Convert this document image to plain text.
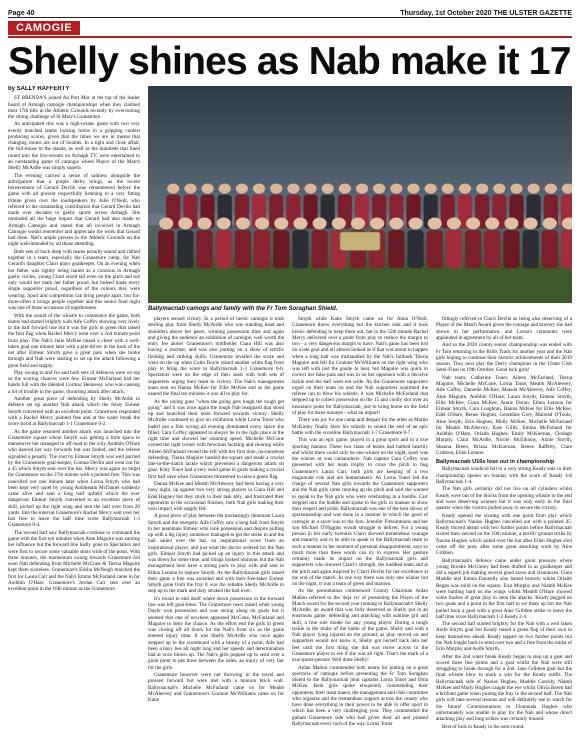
Page 40	Thursday, 1st October 2020 THE ULSTER GAZETTE
CAMOGIE
Shelly shines as Nab make it 17
by SALLY RAFFERTY

ST BRENDA'S joined An Port Mor at the top of the leader board of Armagh camogie championships when they claimed their 17th title in the Athletic Grounds recently by overcoming the strong challenge of St Mary's Granemore.

As anticipated this was a high-octane game with two very evenly matched teams locking horns in a gripping contest producing scores, given that the times we are in means that changing rooms are out of bounds. In a tight and close affair, the full-house in the stands, as well as the hundreds that lined round into the live-stream on Armagh TV, were entertained to an outstanding game of camogie where Player of the Match Shelly McArdle was simply superb.

The evening carried a sense of sadness alongside the anticipation that a purple derby brings, as the recent bereavement of Gerard Devlin was remembered before the game with all present respectfully listening to a very fitting tribute given over the loudspeakers by Julie O'Neill, who referred to the outstanding contribution that Gerard Devlin had made over decades to gaelic sports across Armagh. She reminded all the huge impact that Gerard had also made to Armagh Camogie and stated that all involved in Armagh Camogie would remember and appreciate the work that Gerard had done. Nab's ample presses in the Athletic Grounds on the night well-intended by all those attending.

Both sets of back deep with teams proudly sound and rallied together in a team, especially the Granemore camp, for Nab Gerard's daughter Clarri plays goalkeeper. On an evening when her father was rightly being hailed as a colossus in Armagh gaelic circles, young Clarri stood tall even on the pitch and not only would her mark her father proud, but indeed made every single supporter proud, regardless of the colours they were wearing. Sport and competition can bring people apart, but for-more-often it brings people together and this senior final night was one of those occasions of togetherness.

With the sound of the whistle to commence the game, both teams had started brightly with Aife Coffey showing very lively in the half forward line but it was the girls in green that raised the first flag when Rachel Mercy went over a 2nd minute point from play. The Nab's Julie McKee raised a cheer with a well-taken goal one minute later with a pile-driver in the back of the net after Eimear Smyth gave a great pass when she broke through and Nab were starting to set up the attack following a great field and supply.

Play swung to and fro and both sets of defences were on top so the scoring chances were few. Eimear McFarland had her hands full with the talented Cormac Hennessy who was causing a lot of trouble in the game, thwarting attack after attack.

Another great piece of defending by Shelly McArdle in defence set up another Nab attack which the feisty Eimear Smyth converted with an excellent point. Granemore responded with a Rachel Mercy pointed free and at the water break the score stood at Ballymacnab 1-1 Granemore 0-2.

As the game resumed another attack was launched into the Granemore square where Smyth was getting a little space to manoeuvre her managed to off-load to the wily Aoibhin O'Hare who danced her way forwards but was fouled, and the referee signalled a penalty. The shot by Eimear Smyth was well parried by the Granemore goal-keeper, Comua Devlin and went out for a 45 which Smyth sent over the bar. Mercy was again on target for Granemore on the 27th minute with a pointed free. This was cancelled out one minute later when Lorna Smyth who had been kept very quiet by young Aoibheann McDaniel suddenly came alive and sent a long ball upfield which the ever dangerous Eimear Smyth converted to an excellent piece of skill, picked up the right wing and sent the ball over from 20 yards. Into the interval Granemore's Rachel Mercy sent over her last free to leave the half time score Ballymacnab 1-3 Granemore 0-4.

The second half saw Ballymacnab continue to command the game with the first ten minutes when Aine Maguire was earning her influence but the forward line badly gone to Spectators and were first to secure some valuable shots wide of the posts. With three minutes, the momentum swung towards Granemore but soon Nab defending from Michelle McCone & Tierna Maguire kept them scoreless. Granemore's Elisha McNeigh marched the first for Laura Carr and the Nab's Emma McFarland came in for Aoibhin O'Hare. Granemore's Jordan Carr sent over an excellent point in the 16th minute as the Granemore

Ballymacnab camogs and family with the Fr Tom Soraghan Shield.

players sensed victory. In a period of hectic camogie it took sterling play from Shelly McArdle who was standing head and shoulders above her peers, winning possession time and again and giving the audience an exhibition of camogie, well worth the entry fee alone! Granemore's midfielder Ciara Hill was also having a stormer, and was also putting on a show of terrific fielding and striking skills. Granemore levelled the score and went on the up when Colm Doyle raised another white flag from play to bring the score to Ballymacnab 1-3 Granemore 0-6. Spectators were on the edge of their seats with both sets of supporters urging their team to victory. The Nab's management team sent on Hanna McKee for Ellie McKee and as the game neared the final ten minutes it was all to play for.

As the saying goes "when the going gets tough the tough get going" and it was once again the tough Nab rearguard that stood up and launched their team forward towards victory. Shelly McArdle continued to give an exhibition while Lorna Toner who hadn't put a foot wrong all evening dominated every space she filled. Cara Coffey appeared to always be in the right place at the right time and showed her stunning speed. Michelle McCone owned the right corner with ferocious tackling and clearing while Aileen McFarland owned the left with her first time, no-nonsense defending. Tierna Maguire hustled the square and made a crucial late-in-the-match tackle which prevented a dangerous attack on goal. Kitty Toner had a very solid game in goals making a crucial first half save when Granemore threatened to raise a green flag.

Danna McKee and Meabh McAleevey had been having a very busy night, up against two very strong players in Ciara Hill and Edel Hagney but they stuck to their task ably, and frustrated their opponents to the occasional finishes, both Nab girls making their own impact with supply fed.

A great piece of play between the increasingly dominant Laura Smyth and the energetic Aife Coffey saw a long ball from Smyth to her teammate Eimear who took possession and despite pulling up with a leg injury somehow managed to get the strike in and the ball sailed over the bar, an inspirational score from an inspirational player, and just what the doctor ordered for the Nab girls. Eimear Smyth had picked up an injury in this attack and was down for some time, and things looked ominous but the Nab management here have a strong pack to play with and sent in Ethna Lennon to replace Smyth. As the Ballymacnab girls raised their game a free was awarded and with their free-taker Eimear Smyth gone from the fray it was the reliable Shelly McArdle to step up to the mark and duly stroked the ball over.

It's round to end itself where down possession in the forward line was left goal-bless. The Granemore rears raised when young Doyle won possession and was racing along on goals but it seemed that one of nowhere appeared McCone, McFarland and Maguire to deny the chance. As the effort end the girls in green was closing off all doors for the Nab's front six as the game entered injury time. It was Shelly McArdle who once again stepped up to the scoreboard with a beauty of a point, Aife had been a busy bee all night long and her speedy and determination had at once blown up. The Nab's girls popped up to send over a great point to put three between the sides, an injury of very fair for the girls.

Granemore however were not throwing in the towel and pressed forward but were met with a maroon brick wall. Ballymacnab's Michelle McFarland came on for Meabh McAleevey and Granemore's Grainne McWilliams came on for Katie

Smyth while Katie Smyth came on for Anna O'Neill. Granemore threw everything but the kitchen sink and it took heroic defending to keep them out, but in the 55th minute Rachel Mercy delivered over a point from play to reduce the margin to two - a very dangerous margin to have. Nab's game has been lost on a late goal and all almost looked as if that was about to happen when a long ball was mishandled by the Nab's fullback Tierna Maguire and fell for Grainne McWilliams on the right wing who was left with just the goalie to beat, but Maguire was quick to correct her false pass and was in on her opponent with a decisive tackle and the ball went out wide. As the Granemore supporters urged on their team on and the Nab supporters squirmed the referee ran to blow his whistle, it was Michelle McFarland that stepped up to collect possession on the 15 and coolly slot over an insurance point for Ballymacnab, just to bring home on the field of play for three minutes - what an impact!

There was joy for one camp and despair for the other as Martin McKinley finally blew his whistle to sound the end of an epic battle with the scoreline Ballymacnab 1-7 Granemore 0-7.

This was an epic game, played in a great spirit and in a true sporting manner. These two clans of teams had battled heartily and whilst there could only be one winner on the night, sport was the winner as was camaraderie. Nab captain Cara Coffey was presented with her team trophy to cross the pitch to hug Granemore's Laura Carr, both girls are keeping of a two magnitude role and are homemakers. As Lorna Toner led the charge of several Nab girls towards the Granemore supporters and the Nab girls came running up the pitch and said she wanted to speak to the Nab girls who were celebrating in a huddle. Carr stepped into the huddle and spoke to the girls in manner to show their respect and pride. Ballymacnab was one of the best shows of sportsmanship and was done in a manner in which the good of camogie as a sport was to the fore. Jennifer Fitzsimmons and her son Michael O'Higgins would struggle to deliver. For a young person in her early twenties Clarri showed tremendous courage and maturity and to be able to speak to the Ballymacnab team in such a manner in her moment of personal disappointment, says so much more than these words can try to express. Her gesture certainly made its impact on the Ballymacnab girls and supporters who showed Clarri's strength, the huddled team and at the pitch and again inspired by Clarri Devlin for her excellence at the end of the match. In one way there was only one winner but on the night, it was a team of green and maroon.

As the presentation commenced County Chairman Aidan Mallon referred to the 'deja vu' of presenting the Player of the Match award for the second year running to Ballymacnab's Shelly McArdle, an award that was fully deserved as Shelly put in an enormous game, defending and attacking with sublime grit and skill, a true role model for any young player. During a tough tackle in the midst of the battle of the game, Shelly and with a Nab player lying injured on the ground, as play moved on and supporters would not know it, Shelly got herself back into her feet until the first thing she did was move across to the Granemore player to see if she was all right. That's the mark of a true sports-person! Well done Shelly!

Aidan Mallon commended both teams for putting on a great spectacle of camogie before presenting the Fr Tom Soraghan Shield to the Ballymacnab joint captains Lorna Toner and Orna McKee. Both girls spoke eloquently commending their opponents, their team mates, the management and club committee who organise and the tremendous support across the county who have done everything in their power to be able to offer sport in which has been a very challenging year. They commended the gallant Granemore side who had given their all and praised Ballymacnab every inch of the way. Lorna Toner

fittingly referred to Clarri Devlin as being also deserving of a Player of the Match Award given the courage and bravery she had shown in her performance, and Lorna's comments were applauded in agreement by all of her team.

And so the 2020 county senior championship was ended with Fr Tom returning to the Brills Track for another year and the Nab girls hoping to continue their historic achievements of their 2019 season. They next play the Derry champions in the Ulster Club Semi-Final on 19th October. Good luck girls!

Nab team: Catherine Toner, Aileen McFarland, Tierna Maguire, Michelle McCone, Lorna Toner, Meabh McAleevey, Aife Coffey, Danielle McKee, Maeula McAleevey, Aife Coffey, Aine Maguire, Aoibhin O'Hare, Laura Smyth, Eimear Smyth, Ellie McKee, Ciara McKee, Annie Doran, Ethna Lennon for Eimear Smyth, Cara Loughran, Hanna McKee for Ellie McKee, Edel O'Hare, Renee Hughes, Geraldine Grey, Mairead O'Toole, Aine Smyth, Erin Hughes, Molly McKee, Michelle McFarland for Meabh McAleevey, Kate Gillis, Emma McFarland for Aoibhin O'Hare, Orlaith Hughes, Emily McKiernan, Clodagh Murphy, Clara McArdle, Nicole McElhinny, Annie Smyth, Shauna Breen, Briana McKiernan, Renee Rafferty, Clare Gribbon, Ellen Lennon

Ballymacnab U16s lose out in championship

Ballymacnab windicid fell to a very strong Keady side in their championship opener on Sunday with the score of Keady 4-8 Ballymacnab 1-4.

The Nab girls certainly did not live on all cylinders whilst Keady were out of the blocks from the opening whistle to the end and were deserving winners but it was only early in the final quarter when the visitors pulled away to secure the victory.

Keady opened the scoring with one point from play which Ballymacnab's Naoise Hughes cancelled out with a pointed 45. Keady moved ahead with two further points before Ballymacnab scored their second on the 10th minute, a terrific ground strike by Naoise Hughes which sailed over the bar after Ellen Hughes shot came off the post, after some great attacking work by Aine Gribben.

Ballymacnab's defence came under great pressure where young Brooke McGinley had been drafted in as goalkeeper and did a superb job making several good saves and clearances. Clara Maddie and Emma Donnelly also batted bravely whilst Orlaith Regan was solid on the square. Erin Murphy and Niamh McKee were battling hard on the wings whilst Meabh O'Hare showed some flashes of great play to stem the attacks. Keady pegged on two goals and a point in the first half to set them up but the Nab pulled back a goal with a great Aine Gribben strike to leave the half time score Ballymacnab 1-2 Keady 2-4.

The second half started brightly for the Nab with a well taken Aoife Smyth goal but Keady raised a green flag of their own to keep themselves ahead. Keady tapped on two further points but the Nab fought back to send over two and a free from the midst of Erin Murphy and Aoife Smyth.

After the 2nd water break Keady began to step up a gear and scored three fine points and a goal whilst the Nab were still struggling to break through for a 2nd. Jane Gribben goal but the final whistle blew to mark a win for the Keady outfit. The Ballymacnab side of Naoise Hughes, Maddie Cassidy, Niamh McKee and Molly Hughes caught the eye whilst Olivia Breen had a brilliant game when joining the fray in the second half. The Nab girls will take several lessons and will definitely use to watch for the future! Commiserations to Fionnuala Hughes who unfortunately was unable to play for the Nab and whose direct attacking play and long strikes was certainly missed.

Best of luck to Keady in the next round.
